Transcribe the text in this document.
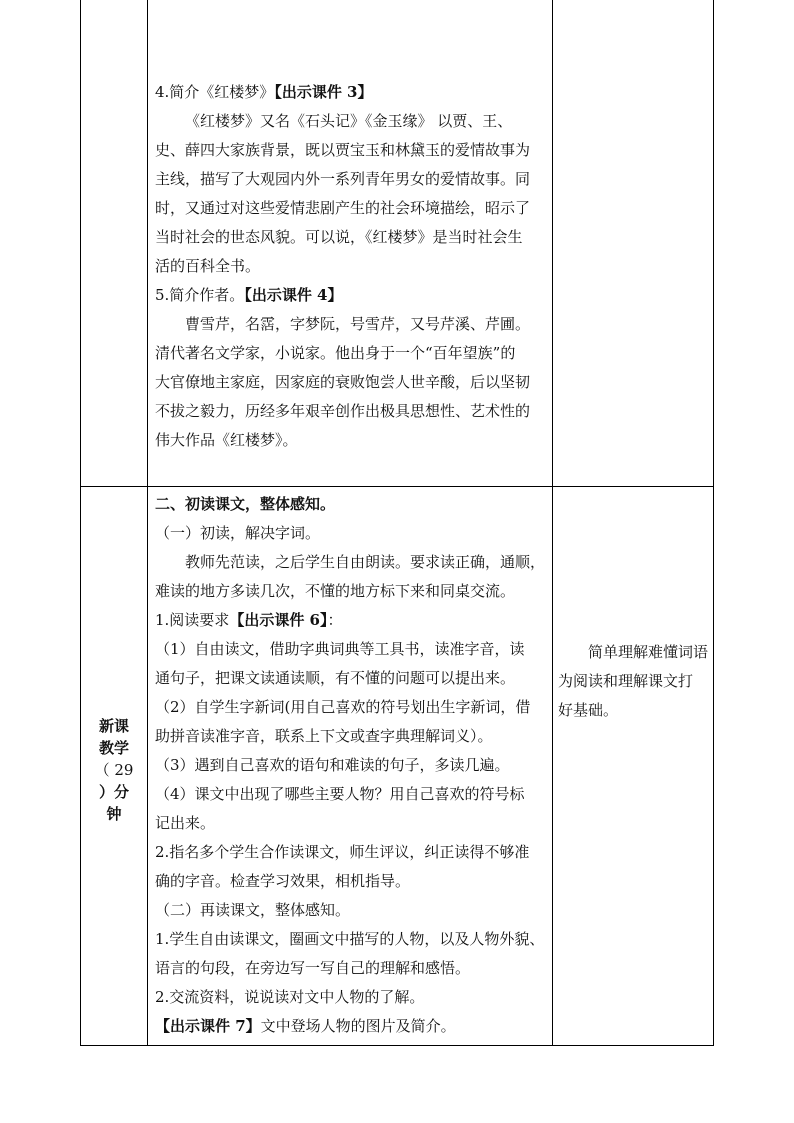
4.简介《红楼梦》【出示课件 3】

《红楼梦》又名《石头记》《金玉缘》 以贾、王、

史、薛四大家族背景，既以贾宝玉和林黛玉的爱情故事为

主线，描写了大观园内外一系列青年男女的爱情故事。同

时，又通过对这些爱情悲剧产生的社会环境描绘，昭示了

当时社会的世态风貌。可以说，《红楼梦》是当时社会生

活的百科全书。

5.简介作者。【出示课件 4】

曹雪芹，名霑，字梦阮，号雪芹，又号芹溪、芹圃。

清代著名文学家，小说家。他出身于一个“百年望族”的

大官僚地主家庭，因家庭的衰败饱尝人世辛酸，后以坚韧

不拔之毅力，历经多年艰辛创作出极具思想性、艺术性的

伟大作品《红楼梦》。

新课
教学
（ 29
）分
钟

二、初读课文，整体感知。

（一）初读，解决字词。

教师先范读，之后学生自由朗读。要求读正确，通顺，

难读的地方多读几次，不懂的地方标下来和同桌交流。

1.阅读要求【出示课件 6】：

（1）自由读文，借助字典词典等工具书，读准字音，读

通句子，把课文读通读顺，有不懂的问题可以提出来。

（2）自学生字新词(用自己喜欢的符号划出生字新词，借

助拼音读准字音，联系上下文或查字典理解词义）。

（3）遇到自己喜欢的语句和难读的句子，多读几遍。

（4）课文中出现了哪些主要人物？用自己喜欢的符号标

记出来。

2.指名多个学生合作读课文，师生评议，纠正读得不够准

确的字音。检查学习效果，相机指导。

（二）再读课文，整体感知。

1.学生自由读课文，圈画文中描写的人物，以及人物外貌、

语言的句段，在旁边写一写自己的理解和感悟。

2.交流资料，说说读对文中人物的了解。

【出示课件 7】文中登场人物的图片及简介。

简单理解难懂词语

为阅读和理解课文打

好基础。
